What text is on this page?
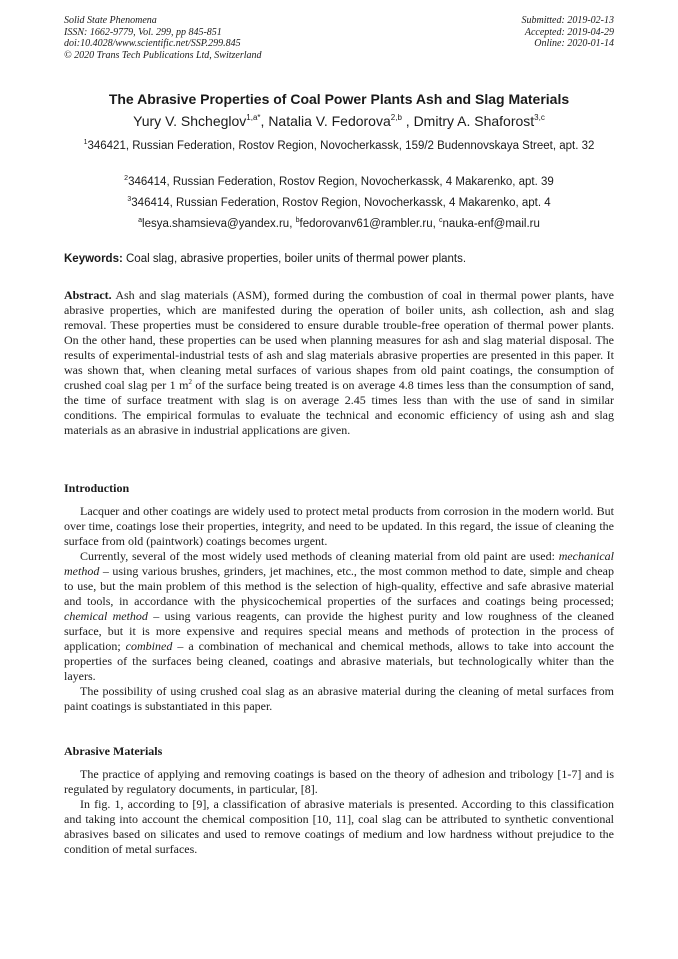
Solid State Phenomena
ISSN: 1662-9779, Vol. 299, pp 845-851
doi:10.4028/www.scientific.net/SSP.299.845
© 2020 Trans Tech Publications Ltd, Switzerland
Submitted: 2019-02-13
Accepted: 2019-04-29
Online: 2020-01-14
The Abrasive Properties of Coal Power Plants Ash and Slag Materials
Yury V. Shcheglov$^{1,a*}$, Natalia V. Fedorova$^{2,b}$ , Dmitry A. Shaforost$^{3,c}$
$^1$346421, Russian Federation, Rostov Region, Novocherkassk, 159/2 Budennovskaya Street, apt. 32
$^2$346414, Russian Federation, Rostov Region, Novocherkassk, 4 Makarenko, apt. 39
$^3$346414, Russian Federation, Rostov Region, Novocherkassk, 4 Makarenko, apt. 4
$^a$lesya.shamsieva@yandex.ru, $^b$fedorovanv61@rambler.ru, $^c$nauka-enf@mail.ru
Keywords: Coal slag, abrasive properties, boiler units of thermal power plants.
Abstract. Ash and slag materials (ASM), formed during the combustion of coal in thermal power plants, have abrasive properties, which are manifested during the operation of boiler units, ash collection, ash and slag removal. These properties must be considered to ensure durable trouble-free operation of thermal power plants. On the other hand, these properties can be used when planning measures for ash and slag material disposal. The results of experimental-industrial tests of ash and slag materials abrasive properties are presented in this paper. It was shown that, when cleaning metal surfaces of various shapes from old paint coatings, the consumption of crushed coal slag per 1 $m^2$ of the surface being treated is on average 4.8 times less than the consumption of sand, the time of surface treatment with slag is on average 2.45 times less than with the use of sand in similar conditions. The empirical formulas to evaluate the technical and economic efficiency of using ash and slag materials as an abrasive in industrial applications are given.
Introduction

Lacquer and other coatings are widely used to protect metal products from corrosion in the modern world. But over time, coatings lose their properties, integrity, and need to be updated. In this regard, the issue of cleaning the surface from old (paintwork) coatings becomes urgent.

Currently, several of the most widely used methods of cleaning material from old paint are used: mechanical method – using various brushes, grinders, jet machines, etc., the most common method to date, simple and cheap to use, but the main problem of this method is the selection of high-quality, effective and safe abrasive material and tools, in accordance with the physicochemical properties of the surfaces and coatings being processed; chemical method – using various reagents, can provide the highest purity and low roughness of the cleaned surface, but it is more expensive and requires special means and methods of protection in the process of application; combined – a combination of mechanical and chemical methods, allows to take into account the properties of the surfaces being cleaned, coatings and abrasive materials, but technologically whiter than the layers.

The possibility of using crushed coal slag as an abrasive material during the cleaning of metal surfaces from paint coatings is substantiated in this paper.

Abrasive Materials

The practice of applying and removing coatings is based on the theory of adhesion and tribology [1-7] and is regulated by regulatory documents, in particular, [8].

In fig. 1, according to [9], a classification of abrasive materials is presented. According to this classification and taking into account the chemical composition [10, 11], coal slag can be attributed to synthetic conventional abrasives based on silicates and used to remove coatings of medium and low hardness without prejudice to the condition of metal surfaces.
